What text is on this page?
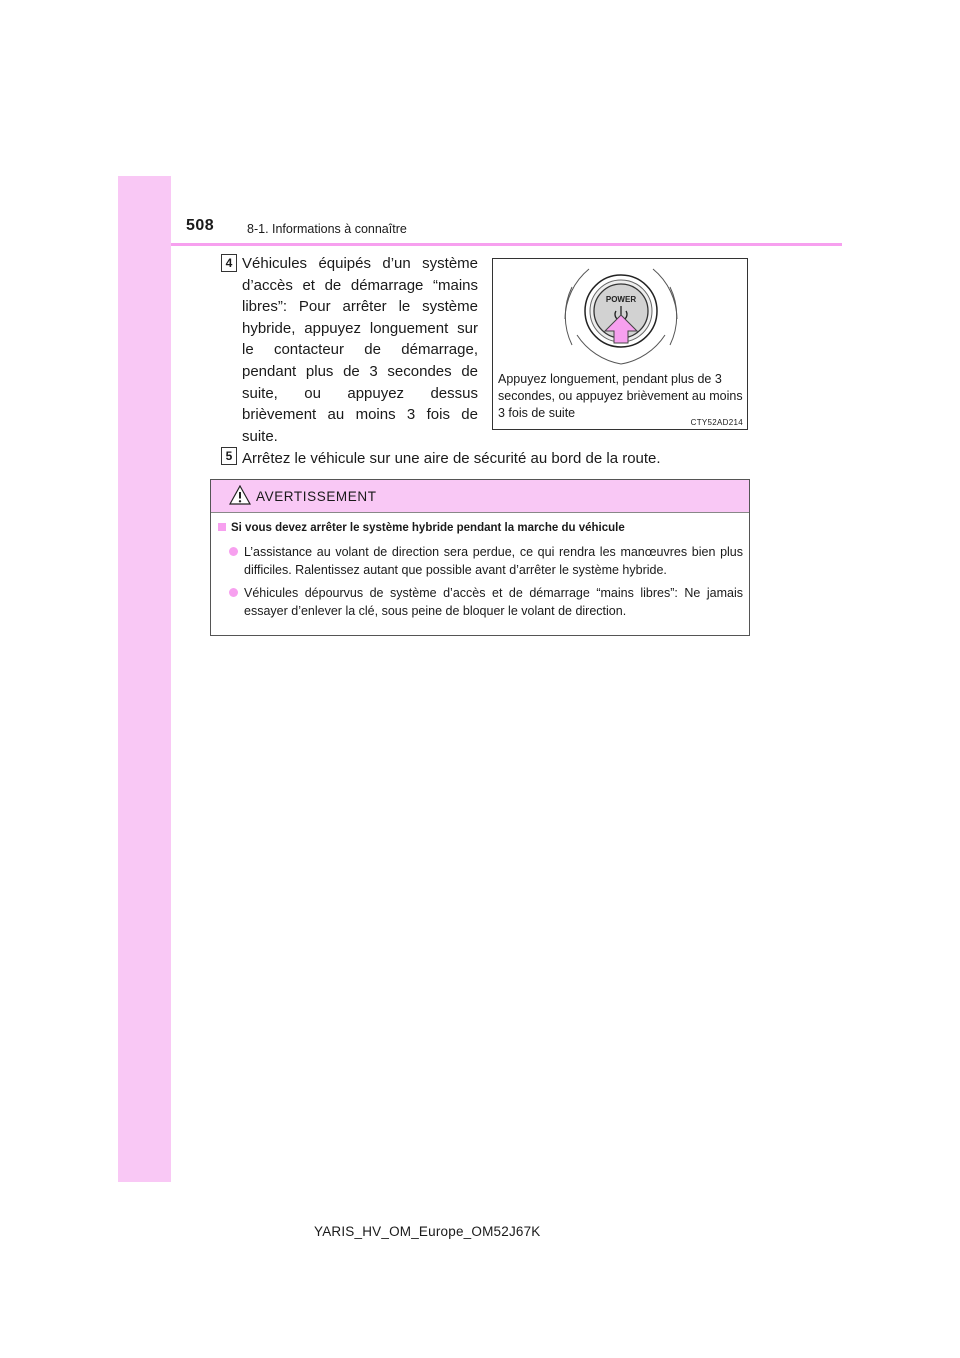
508	8-1. Informations à connaître
4 Véhicules équipés d’un système d’accès et de démarrage “mains libres”: Pour arrêter le système hybride, appuyez longuement sur le contacteur de démarrage, pendant plus de 3 secondes de suite, ou appuyez dessus brièvement au moins 3 fois de suite.
POWER
Appuyez longuement, pendant plus de 3 secondes, ou appuyez brièvement au moins 3 fois de suite
CTY52AD214
5 Arrêtez le véhicule sur une aire de sécurité au bord de la route.
AVERTISSEMENT
Si vous devez arrêter le système hybride pendant la marche du véhicule
L’assistance au volant de direction sera perdue, ce qui rendra les manœuvres bien plus difficiles. Ralentissez autant que possible avant d’arrêter le système hybride.
Véhicules dépourvus de système d’accès et de démarrage “mains libres”: Ne jamais essayer d’enlever la clé, sous peine de bloquer le volant de direction.
YARIS_HV_OM_Europe_OM52J67K
